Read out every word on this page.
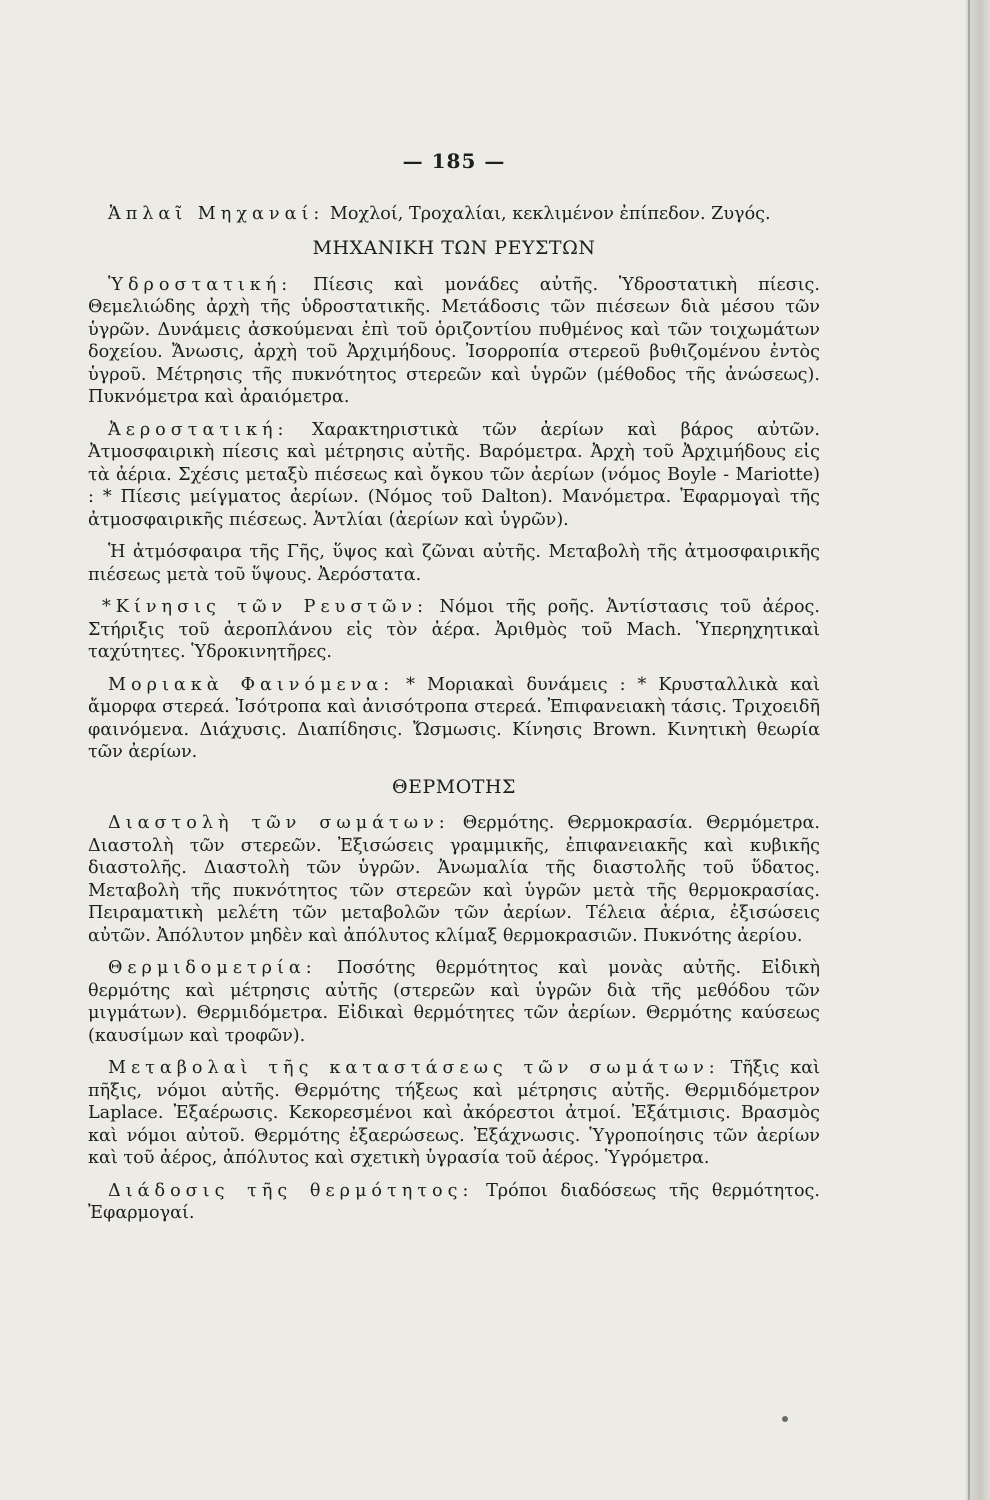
— 185 —

Ἁπλαῖ Μηχαναί: Μοχλοί, Τροχαλίαι, κεκλιμένον ἐπίπεδον. Ζυγός.

ΜΗΧΑΝΙΚΗ ΤΩΝ ΡΕΥΣΤΩΝ

Ὑδροστατική: Πίεσις καὶ μονάδες αὐτῆς. Ὑδροστατικὴ πίεσις. Θεμελιώδης ἀρχὴ τῆς ὑδροστατικῆς. Μετάδοσις τῶν πιέσεων διὰ μέσου τῶν ὑγρῶν. Δυνάμεις ἀσκούμεναι ἐπὶ τοῦ ὁριζοντίου πυθμένος καὶ τῶν τοιχωμάτων δοχείου. Ἄνωσις, ἀρχὴ τοῦ Ἀρχιμήδους. Ἰσορροπία στερεοῦ βυθιζομένου ἐντὸς ὑγροῦ. Μέτρησις τῆς πυκνότητος στερεῶν καὶ ὑγρῶν (μέθοδος τῆς ἀνώσεως). Πυκνόμετρα καὶ ἀραιόμετρα.

Ἀεροστατική: Χαρακτηριστικὰ τῶν ἀερίων καὶ βάρος αὐτῶν. Ἀτμοσφαιρικὴ πίεσις καὶ μέτρησις αὐτῆς. Βαρόμετρα. Ἀρχὴ τοῦ Ἀρχιμήδους εἰς τὰ ἀέρια. Σχέσις μεταξὺ πιέσεως καὶ ὄγκου τῶν ἀερίων (νόμος Boyle - Mariotte) : * Πίεσις μείγματος ἀερίων. (Νόμος τοῦ Dalton). Μανόμετρα. Ἐφαρμογαὶ τῆς ἀτμοσφαιρικῆς πιέσεως. Ἀντλίαι (ἀερίων καὶ ὑγρῶν).

Ἡ ἀτμόσφαιρα τῆς Γῆς, ὕψος καὶ ζῶναι αὐτῆς. Μεταβολὴ τῆς ἀτμοσφαιρικῆς πιέσεως μετὰ τοῦ ὕψους. Ἀερόστατα.

*Κίνησις τῶν Ρευστῶν: Νόμοι τῆς ροῆς. Ἀντίστασις τοῦ ἀέρος. Στήριξις τοῦ ἀεροπλάνου εἰς τὸν ἀέρα. Ἀριθμὸς τοῦ Mach. Ὑπερηχητικαὶ ταχύτητες. Ὑδροκινητῆρες.

Μοριακὰ Φαινόμενα: * Μοριακαὶ δυνάμεις : * Κρυσταλλικὰ καὶ ἄμορφα στερεά. Ἰσότροπα καὶ ἀνισότροπα στερεά. Ἐπιφανειακὴ τάσις. Τριχοειδῆ φαινόμενα. Διάχυσις. Διαπίδησις. Ὤσμωσις. Κίνησις Brown. Κινητικὴ θεωρία τῶν ἀερίων.

ΘΕΡΜΟΤΗΣ

Διαστολὴ τῶν σωμάτων: Θερμότης. Θερμοκρασία. Θερμόμετρα. Διαστολὴ τῶν στερεῶν. Ἐξισώσεις γραμμικῆς, ἐπιφανειακῆς καὶ κυβικῆς διαστολῆς. Διαστολὴ τῶν ὑγρῶν. Ἀνωμαλία τῆς διαστολῆς τοῦ ὕδατος. Μεταβολὴ τῆς πυκνότητος τῶν στερεῶν καὶ ὑγρῶν μετὰ τῆς θερμοκρασίας. Πειραματικὴ μελέτη τῶν μεταβολῶν τῶν ἀερίων. Τέλεια ἀέρια, ἐξισώσεις αὐτῶν. Ἀπόλυτον μηδὲν καὶ ἀπόλυτος κλίμαξ θερμοκρασιῶν. Πυκνότης ἀερίου.

Θερμιδομετρία: Ποσότης θερμότητος καὶ μονὰς αὐτῆς. Εἰδικὴ θερμότης καὶ μέτρησις αὐτῆς (στερεῶν καὶ ὑγρῶν διὰ τῆς μεθόδου τῶν μιγμάτων). Θερμιδόμετρα. Εἰδικαὶ θερμότητες τῶν ἀερίων. Θερμότης καύσεως (καυσίμων καὶ τροφῶν).

Μεταβολαὶ τῆς καταστάσεως τῶν σωμάτων: Τῆξις καὶ πῆξις, νόμοι αὐτῆς. Θερμότης τήξεως καὶ μέτρησις αὐτῆς. Θερμιδόμετρον Laplace. Ἐξαέρωσις. Κεκορεσμένοι καὶ ἀκόρεστοι ἀτμοί. Ἐξάτμισις. Βρασμὸς καὶ νόμοι αὐτοῦ. Θερμότης ἐξαερώσεως. Ἐξάχνωσις. Ὑγροποίησις τῶν ἀερίων καὶ τοῦ ἀέρος, ἀπόλυτος καὶ σχετικὴ ὑγρασία τοῦ ἀέρος. Ὑγρόμετρα.

Διάδοσις τῆς θερμότητος: Τρόποι διαδόσεως τῆς θερμότητος. Ἐφαρμογαί.
